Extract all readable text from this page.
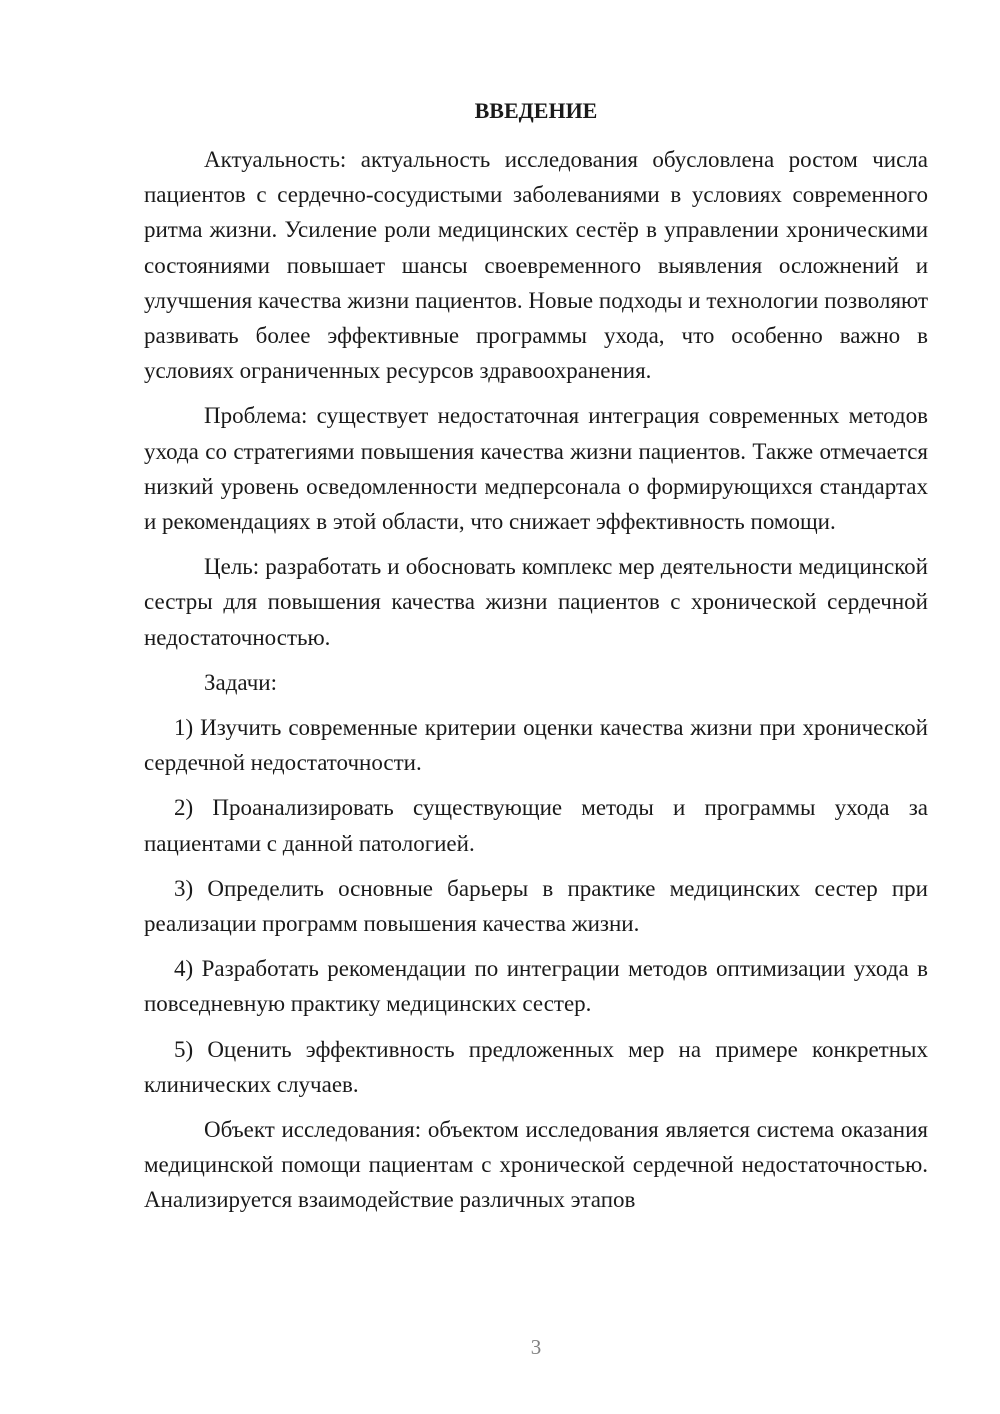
ВВЕДЕНИЕ

Актуальность: актуальность исследования обусловлена ростом числа пациентов с сердечно-сосудистыми заболеваниями в условиях современного ритма жизни. Усиление роли медицинских сестёр в управлении хроническими состояниями повышает шансы своевременного выявления осложнений и улучшения качества жизни пациентов. Новые подходы и технологии позволяют развивать более эффективные программы ухода, что особенно важно в условиях ограниченных ресурсов здравоохранения.

Проблема: существует недостаточная интеграция современных методов ухода со стратегиями повышения качества жизни пациентов. Также отмечается низкий уровень осведомленности медперсонала о формирующихся стандартах и рекомендациях в этой области, что снижает эффективность помощи.

Цель: разработать и обосновать комплекс мер деятельности медицинской сестры для повышения качества жизни пациентов с хронической сердечной недостаточностью.

Задачи:

1) Изучить современные критерии оценки качества жизни при хронической сердечной недостаточности.

2) Проанализировать существующие методы и программы ухода за пациентами с данной патологией.

3) Определить основные барьеры в практике медицинских сестер при реализации программ повышения качества жизни.

4) Разработать рекомендации по интеграции методов оптимизации ухода в повседневную практику медицинских сестер.

5) Оценить эффективность предложенных мер на примере конкретных клинических случаев.

Объект исследования: объектом исследования является система оказания медицинской помощи пациентам с хронической сердечной недостаточностью. Анализируется взаимодействие различных этапов

3
